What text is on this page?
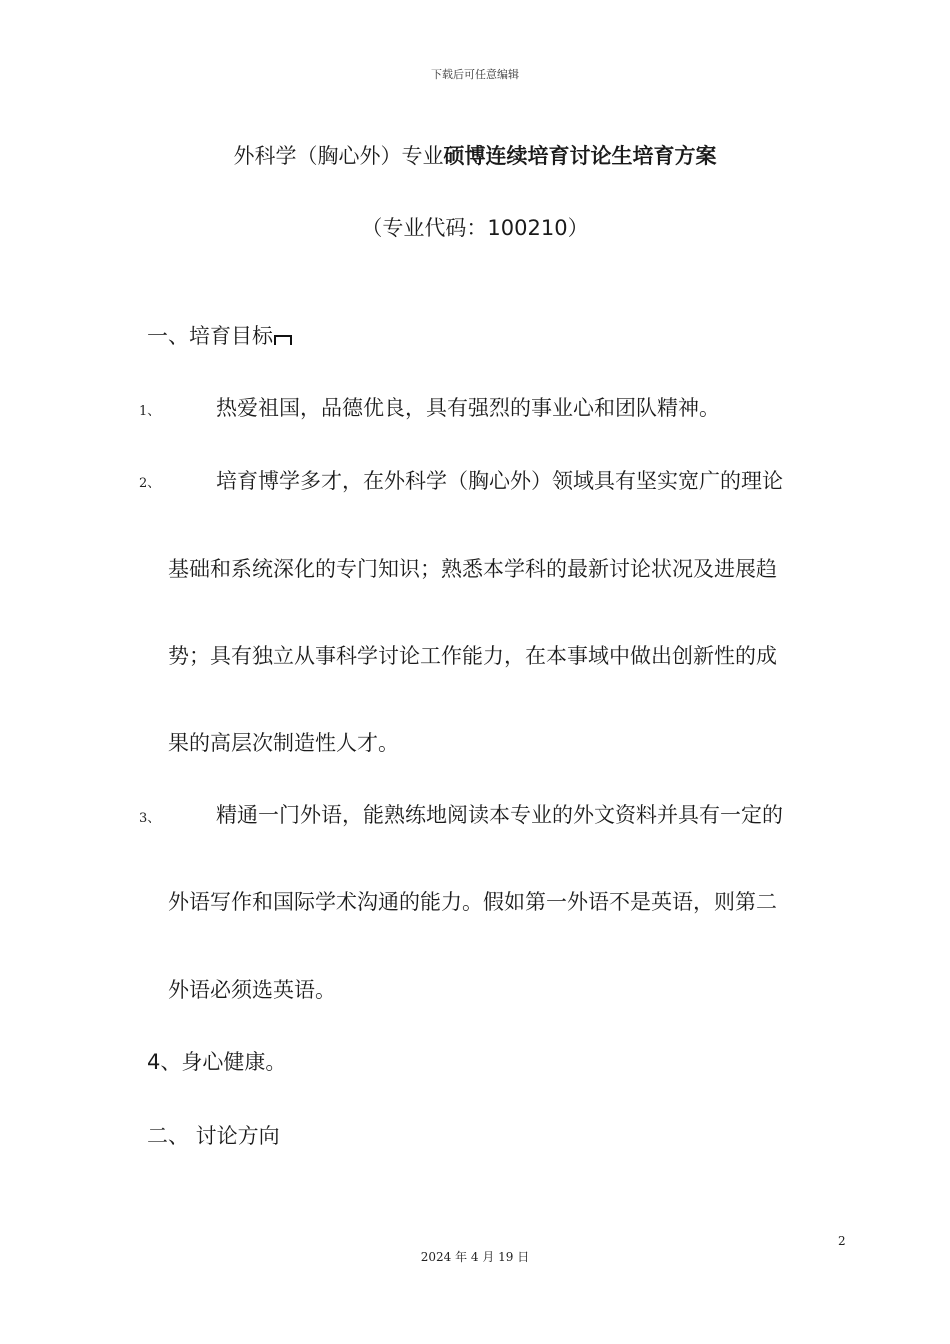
下载后可任意编辑
外科学（胸心外）专业硕博连续培育讨论生培育方案
（专业代码：100210）
一、培育目标
1、	热爱祖国，品德优良，具有强烈的事业心和团队精神。
2、	培育博学多才，在外科学（胸心外）领域具有坚实宽广的理论
基础和系统深化的专门知识；熟悉本学科的最新讨论状况及进展趋
势；具有独立从事科学讨论工作能力，在本事域中做出创新性的成
果的高层次制造性人才。
3、	精通一门外语，能熟练地阅读本专业的外文资料并具有一定的
外语写作和国际学术沟通的能力。假如第一外语不是英语，则第二
外语必须选英语。
4、身心健康。
二、 讨论方向
2
2024 年 4 月 19 日
